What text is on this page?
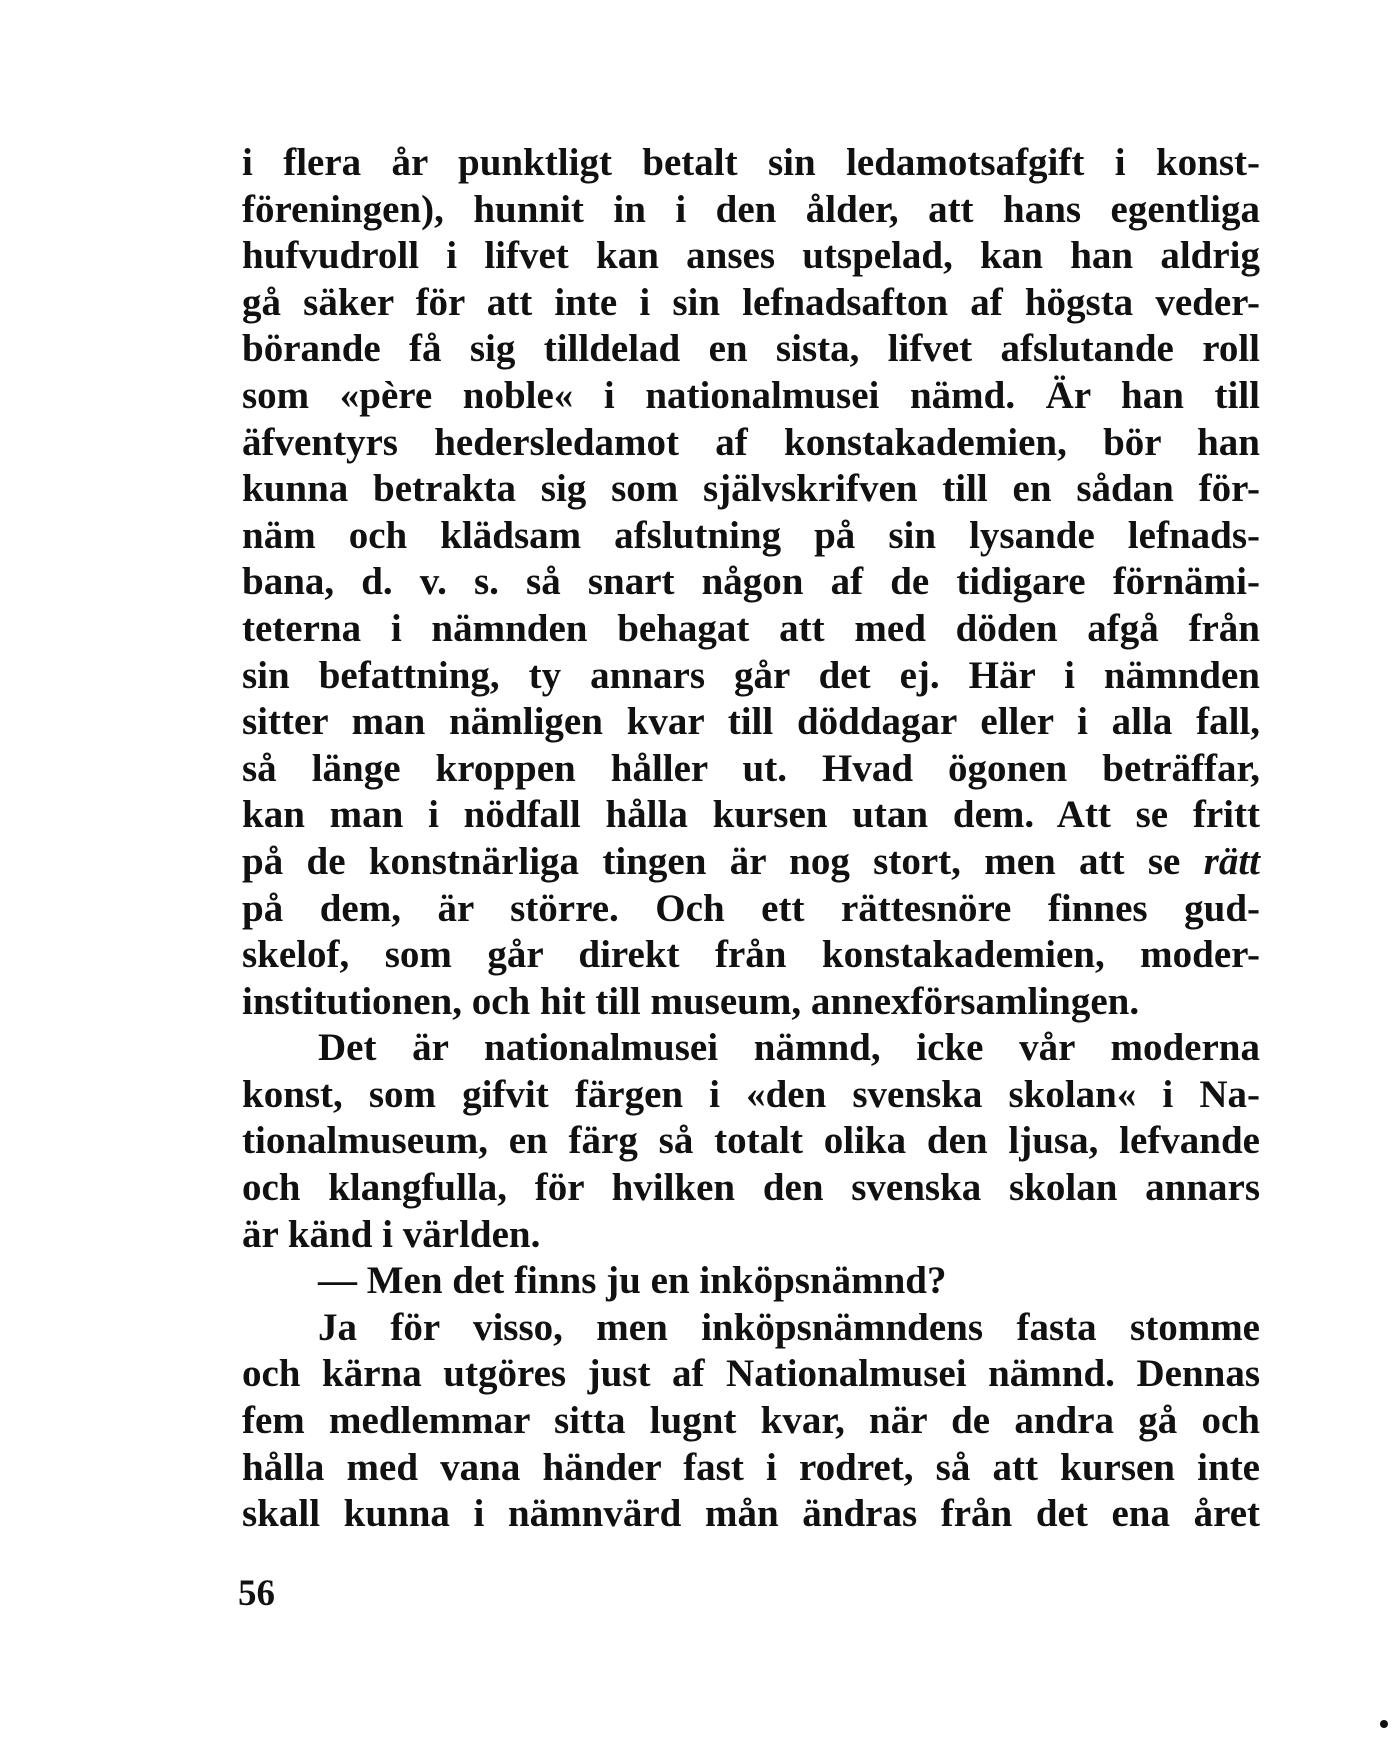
i flera år punktligt betalt sin ledamotsafgift i konst-
föreningen), hunnit in i den ålder, att hans egentliga
hufvudroll i lifvet kan anses utspelad, kan han aldrig
gå säker för att inte i sin lefnadsafton af högsta veder-
börande få sig tilldelad en sista, lifvet afslutande roll
som «père noble« i nationalmusei nämd. Är han till
äfventyrs hedersledamot af konstakademien, bör han
kunna betrakta sig som självskrifven till en sådan för-
näm och klädsam afslutning på sin lysande lefnads-
bana, d. v. s. så snart någon af de tidigare förnämi-
teterna i nämnden behagat att med döden afgå från
sin befattning, ty annars går det ej. Här i nämnden
sitter man nämligen kvar till döddagar eller i alla fall,
så länge kroppen håller ut. Hvad ögonen beträffar,
kan man i nödfall hålla kursen utan dem. Att se fritt
på de konstnärliga tingen är nog stort, men att se rätt
på dem, är större. Och ett rättesnöre finnes gud-
skelof, som går direkt från konstakademien, moder-
institutionen, och hit till museum, annexförsamlingen.
Det är nationalmusei nämnd, icke vår moderna
konst, som gifvit färgen i «den svenska skolan« i Na-
tionalmuseum, en färg så totalt olika den ljusa, lefvande
och klangfulla, för hvilken den svenska skolan annars
är känd i världen.
— Men det finns ju en inköpsnämnd?
Ja för visso, men inköpsnämndens fasta stomme
och kärna utgöres just af Nationalmusei nämnd. Dennas
fem medlemmar sitta lugnt kvar, när de andra gå och
hålla med vana händer fast i rodret, så att kursen inte
skall kunna i nämnvärd mån ändras från det ena året
56
